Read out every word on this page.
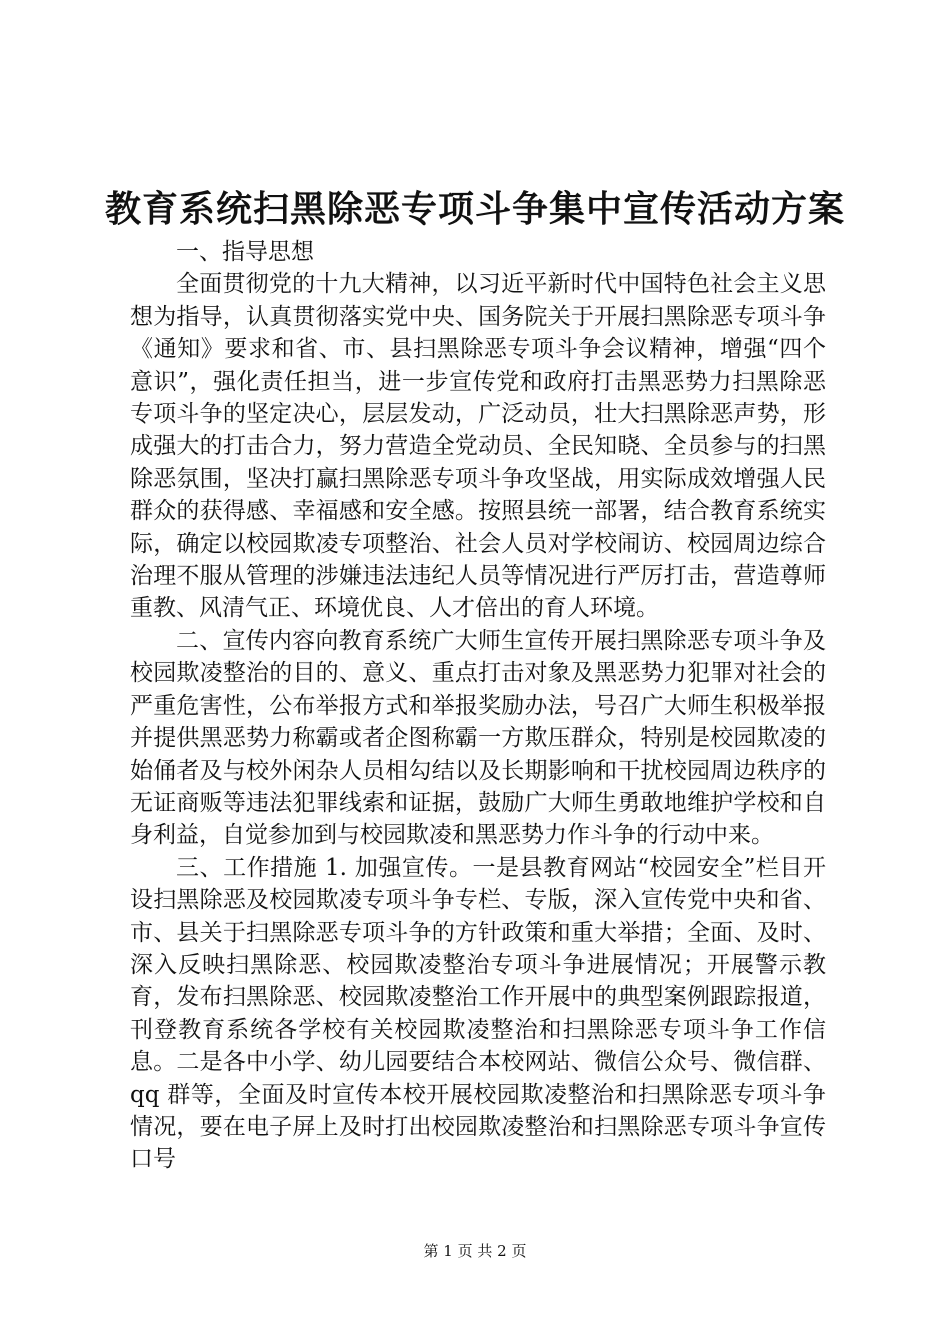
教育系统扫黑除恶专项斗争集中宣传活动方案

一、指导思想

全面贯彻党的十九大精神，以习近平新时代中国特色社会主义思想为指导，认真贯彻落实党中央、国务院关于开展扫黑除恶专项斗争《通知》要求和省、市、县扫黑除恶专项斗争会议精神，增强“四个意识”，强化责任担当，进一步宣传党和政府打击黑恶势力扫黑除恶专项斗争的坚定决心，层层发动，广泛动员，壮大扫黑除恶声势，形成强大的打击合力，努力营造全党动员、全民知晓、全员参与的扫黑除恶氛围，坚决打赢扫黑除恶专项斗争攻坚战，用实际成效增强人民群众的获得感、幸福感和安全感。按照县统一部署，结合教育系统实际，确定以校园欺凌专项整治、社会人员对学校闹访、校园周边综合治理不服从管理的涉嫌违法违纪人员等情况进行严厉打击，营造尊师重教、风清气正、环境优良、人才倍出的育人环境。

二、宣传内容向教育系统广大师生宣传开展扫黑除恶专项斗争及校园欺凌整治的目的、意义、重点打击对象及黑恶势力犯罪对社会的严重危害性，公布举报方式和举报奖励办法，号召广大师生积极举报并提供黑恶势力称霸或者企图称霸一方欺压群众，特别是校园欺凌的始俑者及与校外闲杂人员相勾结以及长期影响和干扰校园周边秩序的无证商贩等违法犯罪线索和证据，鼓励广大师生勇敢地维护学校和自身利益，自觉参加到与校园欺凌和黑恶势力作斗争的行动中来。

三、工作措施 1. 加强宣传。一是县教育网站“校园安全”栏目开设扫黑除恶及校园欺凌专项斗争专栏、专版，深入宣传党中央和省、市、县关于扫黑除恶专项斗争的方针政策和重大举措；全面、及时、深入反映扫黑除恶、校园欺凌整治专项斗争进展情况；开展警示教育，发布扫黑除恶、校园欺凌整治工作开展中的典型案例跟踪报道，刊登教育系统各学校有关校园欺凌整治和扫黑除恶专项斗争工作信息。二是各中小学、幼儿园要结合本校网站、微信公众号、微信群、qq 群等，全面及时宣传本校开展校园欺凌整治和扫黑除恶专项斗争情况，要在电子屏上及时打出校园欺凌整治和扫黑除恶专项斗争宣传口号

第 1 页 共 2 页
